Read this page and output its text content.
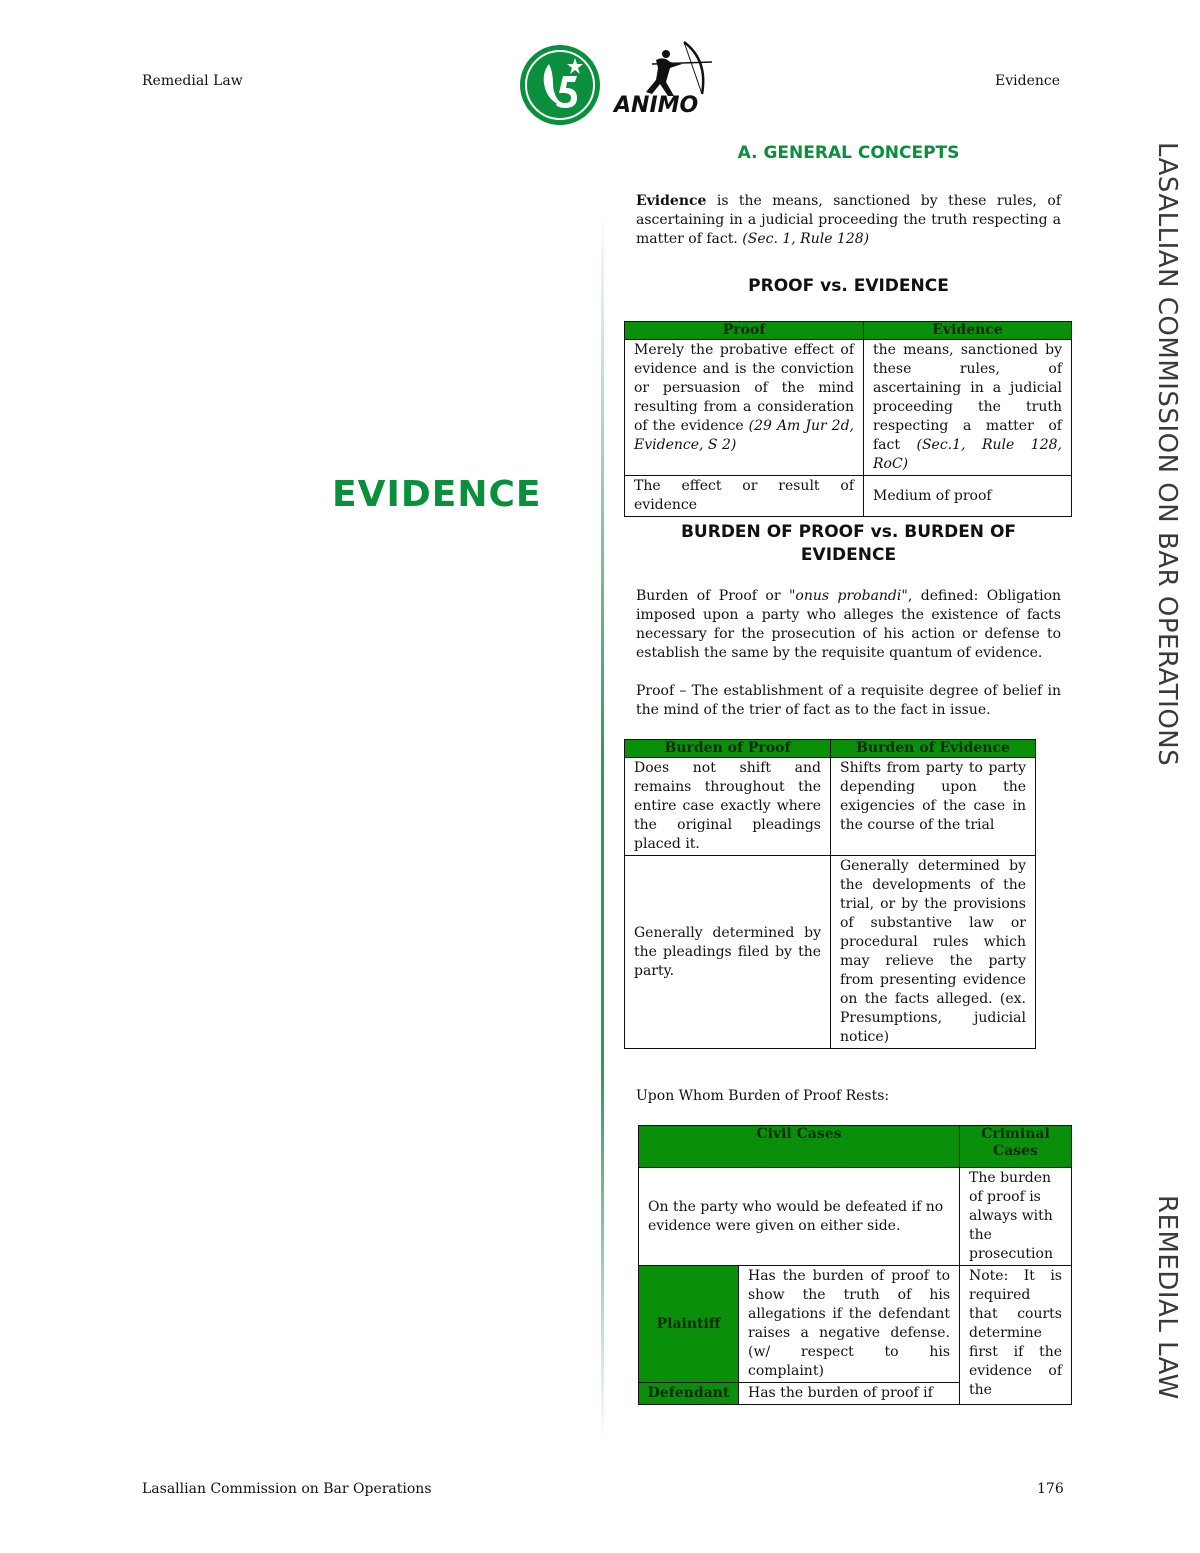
Remedial Law	Evidence
ANIMO
EVIDENCE	LASALLIAN COMMISSION ON BAR OPERATIONS
REMEDIAL LAW
A. GENERAL CONCEPTS
Evidence is the means, sanctioned by these rules, of ascertaining in a judicial proceeding the truth respecting a matter of fact. (Sec. 1, Rule 128)
PROOF vs. EVIDENCE
Proof	Evidence
Merely the probative effect of evidence and is the conviction or persuasion of the mind resulting from a consideration of the evidence (29 Am Jur 2d, Evidence, S 2)	the means, sanctioned by these rules, of ascertaining in a judicial proceeding the truth respecting a matter of fact (Sec.1, Rule 128, RoC)
The effect or result of evidence	Medium of proof
BURDEN OF PROOF vs. BURDEN OF EVIDENCE
Burden of Proof or "onus probandi", defined: Obligation imposed upon a party who alleges the existence of facts necessary for the prosecution of his action or defense to establish the same by the requisite quantum of evidence.
Proof – The establishment of a requisite degree of belief in the mind of the trier of fact as to the fact in issue.
Burden of Proof	Burden of Evidence
Does not shift and remains throughout the entire case exactly where the original pleadings placed it.	Shifts from party to party depending upon the exigencies of the case in the course of the trial
Generally determined by the pleadings filed by the party.	Generally determined by the developments of the trial, or by the provisions of substantive law or procedural rules which may relieve the party from presenting evidence on the facts alleged. (ex. Presumptions, judicial notice)
Upon Whom Burden of Proof Rests:
Civil Cases		Criminal Cases
On the party who would be defeated if no evidence were given on either side.		The burden of proof is always with the prosecution
Plaintiff	Has the burden of proof to show the truth of his allegations if the defendant raises a negative defense. (w/ respect to his complaint)	Note: It is required that courts determine first if the evidence of the
Defendant	Has the burden of proof if	
Lasallian Commission on Bar Operations	176
